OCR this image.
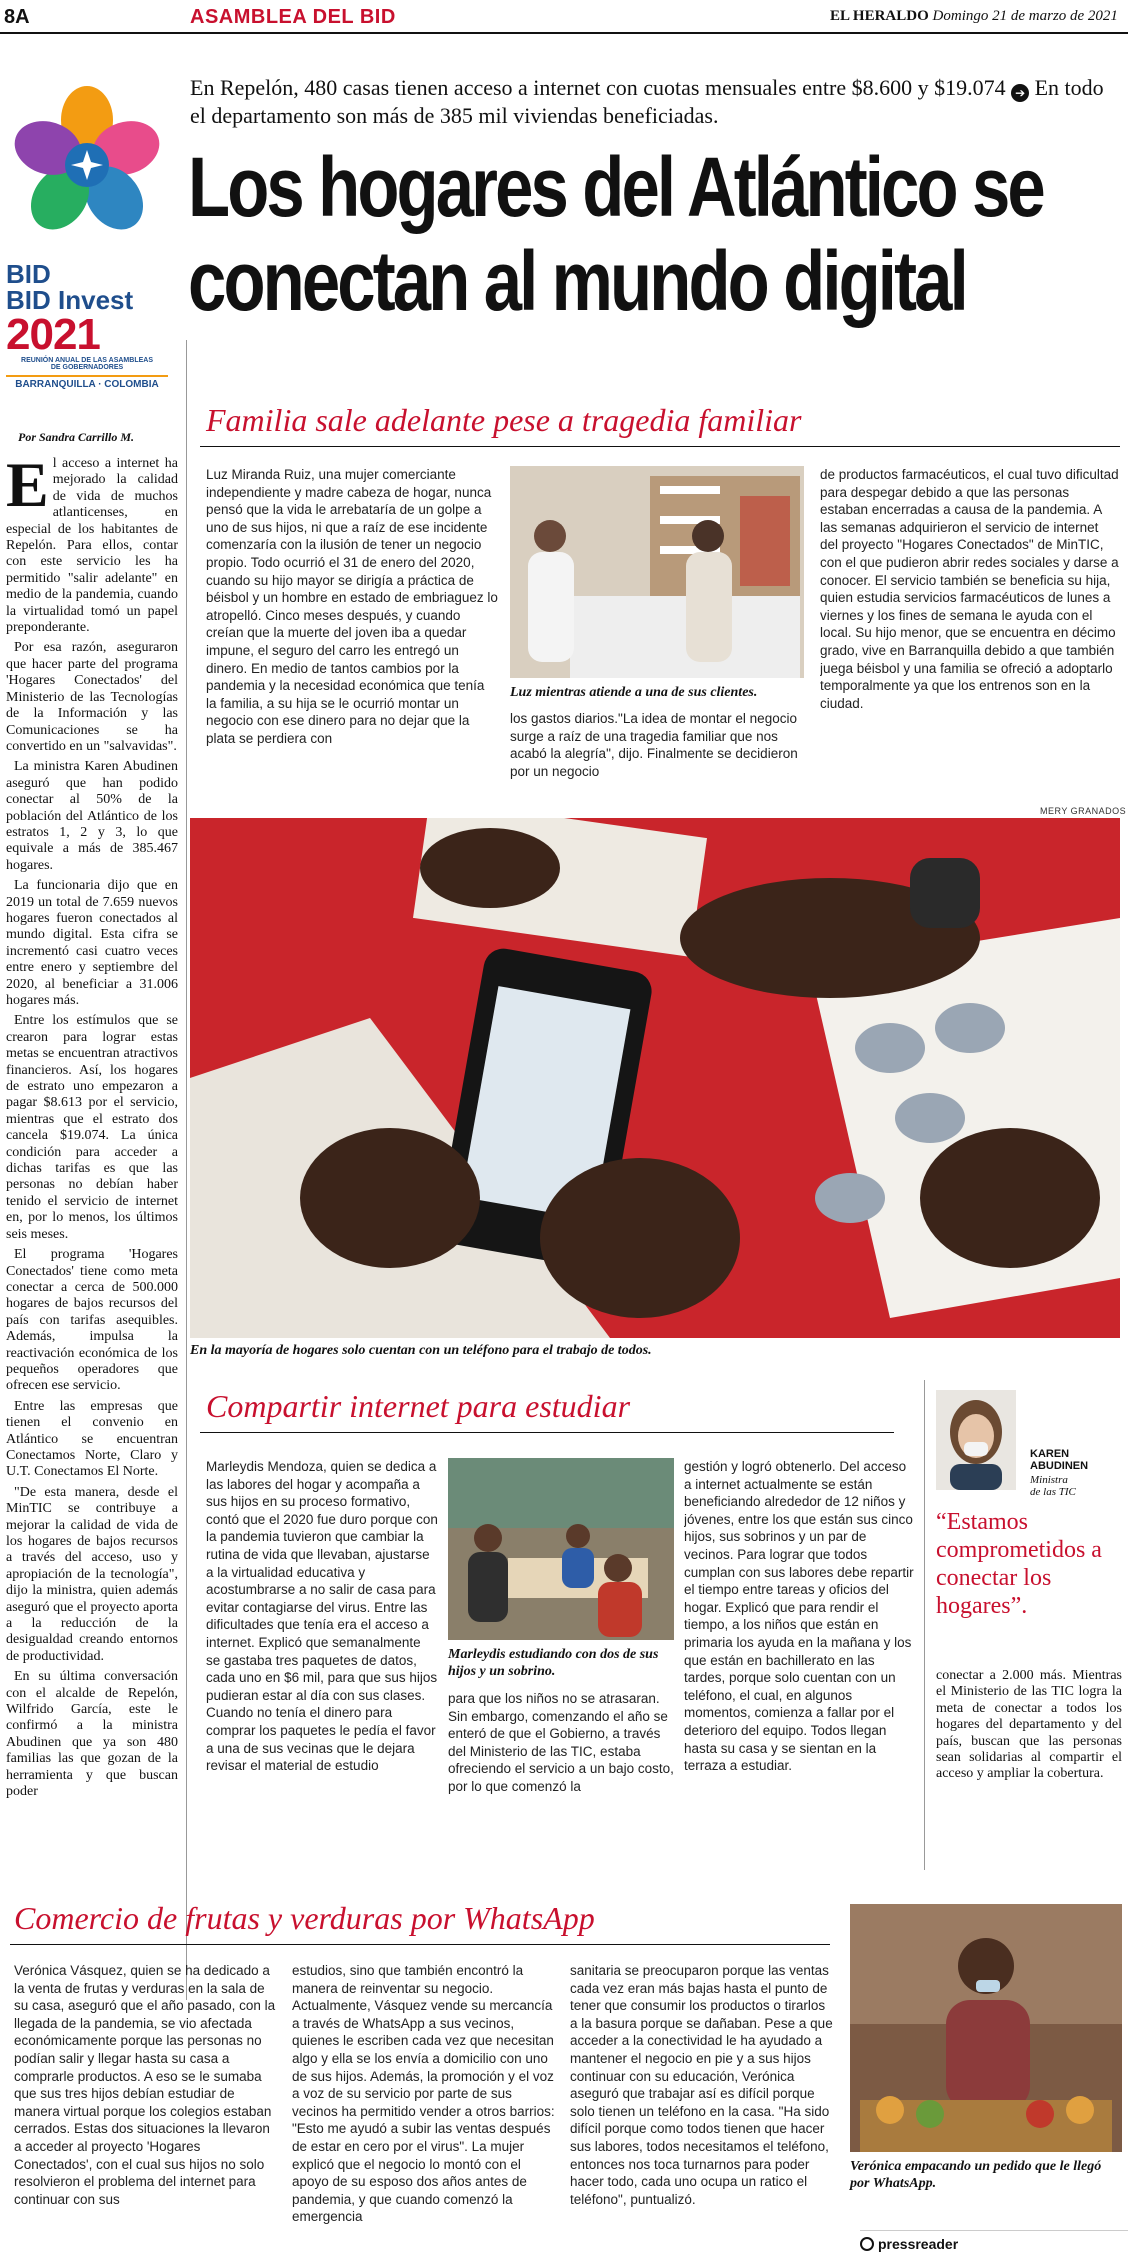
8A	ASAMBLEA DEL BID	EL HERALDO Domingo 21 de marzo de 2021
BID
BID Invest
2021
REUNIÓN ANUAL DE LAS ASAMBLEAS
DE GOBERNADORES
BARRANQUILLA · COLOMBIA
En Repelón, 480 casas tienen acceso a internet con cuotas mensuales entre $8.600 y $19.074 ➔ En todo el departamento son más de 385 mil viviendas beneficiadas.
Los hogares del Atlántico se
conectan al mundo digital
Por Sandra Carrillo M.

El acceso a internet ha mejorado la calidad de vida de muchos atlanticenses, en especial de los habitantes de Repelón. Para ellos, contar con este servicio les ha permitido "salir adelante" en medio de la pandemia, cuando la virtualidad tomó un papel preponderante.

Por esa razón, aseguraron que hacer parte del programa 'Hogares Conectados' del Ministerio de las Tecnologías de la Información y las Comunicaciones se ha convertido en un "salvavidas".

La ministra Karen Abudinen aseguró que han podido conectar al 50% de la población del Atlántico de los estratos 1, 2 y 3, lo que equivale a más de 385.467 hogares.

La funcionaria dijo que en 2019 un total de 7.659 nuevos hogares fueron conectados al mundo digital. Esta cifra se incrementó casi cuatro veces entre enero y septiembre del 2020, al beneficiar a 31.006 hogares más.

Entre los estímulos que se crearon para lograr estas metas se encuentran atractivos financieros. Así, los hogares de estrato uno empezaron a pagar $8.613 por el servicio, mientras que el estrato dos cancela $19.074. La única condición para acceder a dichas tarifas es que las personas no debían haber tenido el servicio de internet en, por lo menos, los últimos seis meses.

El programa 'Hogares Conectados' tiene como meta conectar a cerca de 500.000 hogares de bajos recursos del país con tarifas asequibles. Además, impulsa la reactivación económica de los pequeños operadores que ofrecen ese servicio.

Entre las empresas que tienen el convenio en Atlántico se encuentran Conectamos Norte, Claro y U.T. Conectamos El Norte.

"De esta manera, desde el MinTIC se contribuye a mejorar la calidad de vida de los hogares de bajos recursos a través del acceso, uso y apropiación de la tecnología", dijo la ministra, quien además aseguró que el proyecto aporta a la reducción de la desigualdad creando entornos de productividad.

En su última conversación con el alcalde de Repelón, Wilfrido García, este le confirmó a la ministra Abudinen que ya son 480 familias las que gozan de la herramienta y que buscan poder

Familia sale adelante pese a tragedia familiar
Luz Miranda Ruiz, una mujer comerciante independiente y madre cabeza de hogar, nunca pensó que la vida le arrebataría de un golpe a uno de sus hijos, ni que a raíz de ese incidente comenzaría con la ilusión de tener un negocio propio. Todo ocurrió el 31 de enero del 2020, cuando su hijo mayor se dirigía a práctica de béisbol y un hombre en estado de embriaguez lo atropelló. Cinco meses después, y cuando creían que la muerte del joven iba a quedar impune, el seguro del carro les entregó un dinero. En medio de tantos cambios por la pandemia y la necesidad económica que tenía la familia, a su hija se le ocurrió montar un negocio con ese dinero para no dejar que la plata se perdiera con
Luz mientras atiende a una de sus clientes.
los gastos diarios."La idea de montar el negocio surge a raíz de una tragedia familiar que nos acabó la alegría", dijo. Finalmente se decidieron por un negocio
de productos farmacéuticos, el cual tuvo dificultad para despegar debido a que las personas estaban encerradas a causa de la pandemia. A las semanas adquirieron el servicio de internet del proyecto "Hogares Conectados" de MinTIC, con el que pudieron abrir redes sociales y darse a conocer. El servicio también se beneficia su hija, quien estudia servicios farmacéuticos de lunes a viernes y los fines de semana le ayuda con el local. Su hijo menor, que se encuentra en décimo grado, vive en Barranquilla debido a que también juega béisbol y una familia se ofreció a adoptarlo temporalmente ya que los entrenos son en la ciudad.
MERY GRANADOS
En la mayoría de hogares solo cuentan con un teléfono para el trabajo de todos.
Compartir internet para estudiar
Marleydis Mendoza, quien se dedica a las labores del hogar y acompaña a sus hijos en su proceso formativo, contó que el 2020 fue duro porque con la pandemia tuvieron que cambiar la rutina de vida que llevaban, ajustarse a la virtualidad educativa y acostumbrarse a no salir de casa para evitar contagiarse del virus. Entre las dificultades que tenía era el acceso a internet. Explicó que semanalmente se gastaba tres paquetes de datos, cada uno en $6 mil, para que sus hijos pudieran estar al día con sus clases. Cuando no tenía el dinero para comprar los paquetes le pedía el favor a una de sus vecinas que le dejara revisar el material de estudio
Marleydis estudiando con dos de sus hijos y un sobrino.
para que los niños no se atrasaran. Sin embargo, comenzando el año se enteró de que el Gobierno, a través del Ministerio de las TIC, estaba ofreciendo el servicio a un bajo costo, por lo que comenzó la
gestión y logró obtenerlo. Del acceso a internet actualmente se están beneficiando alrededor de 12 niños y jóvenes, entre los que están sus cinco hijos, sus sobrinos y un par de vecinos. Para lograr que todos cumplan con sus labores debe repartir el tiempo entre tareas y oficios del hogar. Explicó que para rendir el tiempo, a los niños que están en primaria los ayuda en la mañana y los que están en bachillerato en las tardes, porque solo cuentan con un teléfono, el cual, en algunos momentos, comienza a fallar por el deterioro del equipo. Todos llegan hasta su casa y se sientan en la terraza a estudiar.
KAREN ABUDINEN
Ministra
de las TIC
“Estamos comprometidos a conectar los hogares”.
conectar a 2.000 más. Mientras el Ministerio de las TIC logra la meta de conectar a todos los hogares del departamento y del país, buscan que las personas sean solidarias al compartir el acceso y ampliar la cobertura.
Comercio de frutas y verduras por WhatsApp
Verónica Vásquez, quien se ha dedicado a la venta de frutas y verduras en la sala de su casa, aseguró que el año pasado, con la llegada de la pandemia, se vio afectada económicamente porque las personas no podían salir y llegar hasta su casa a comprarle productos. A eso se le sumaba que sus tres hijos debían estudiar de manera virtual porque los colegios estaban cerrados. Estas dos situaciones la llevaron a acceder al proyecto 'Hogares Conectados', con el cual sus hijos no solo resolvieron el problema del internet para continuar con sus
estudios, sino que también encontró la manera de reinventar su negocio. Actualmente, Vásquez vende su mercancía a través de WhatsApp a sus vecinos, quienes le escriben cada vez que necesitan algo y ella se los envía a domicilio con uno de sus hijos. Además, la promoción y el voz a voz de su servicio por parte de sus vecinos ha permitido vender a otros barrios: "Esto me ayudó a subir las ventas después de estar en cero por el virus". La mujer explicó que el negocio lo montó con el apoyo de su esposo dos años antes de pandemia, y que cuando comenzó la emergencia
sanitaria se preocuparon porque las ventas cada vez eran más bajas hasta el punto de tener que consumir los productos o tirarlos a la basura porque se dañaban. Pese a que acceder a la conectividad le ha ayudado a mantener el negocio en pie y a sus hijos continuar con su educación, Verónica aseguró que trabajar así es difícil porque solo tienen un teléfono en la casa. "Ha sido difícil porque como todos tienen que hacer sus labores, todos necesitamos el teléfono, entonces nos toca turnarnos para poder hacer todo, cada uno ocupa un ratico el teléfono", puntualizó.
Verónica empacando un pedido que le llegó por WhatsApp.
pressreader
